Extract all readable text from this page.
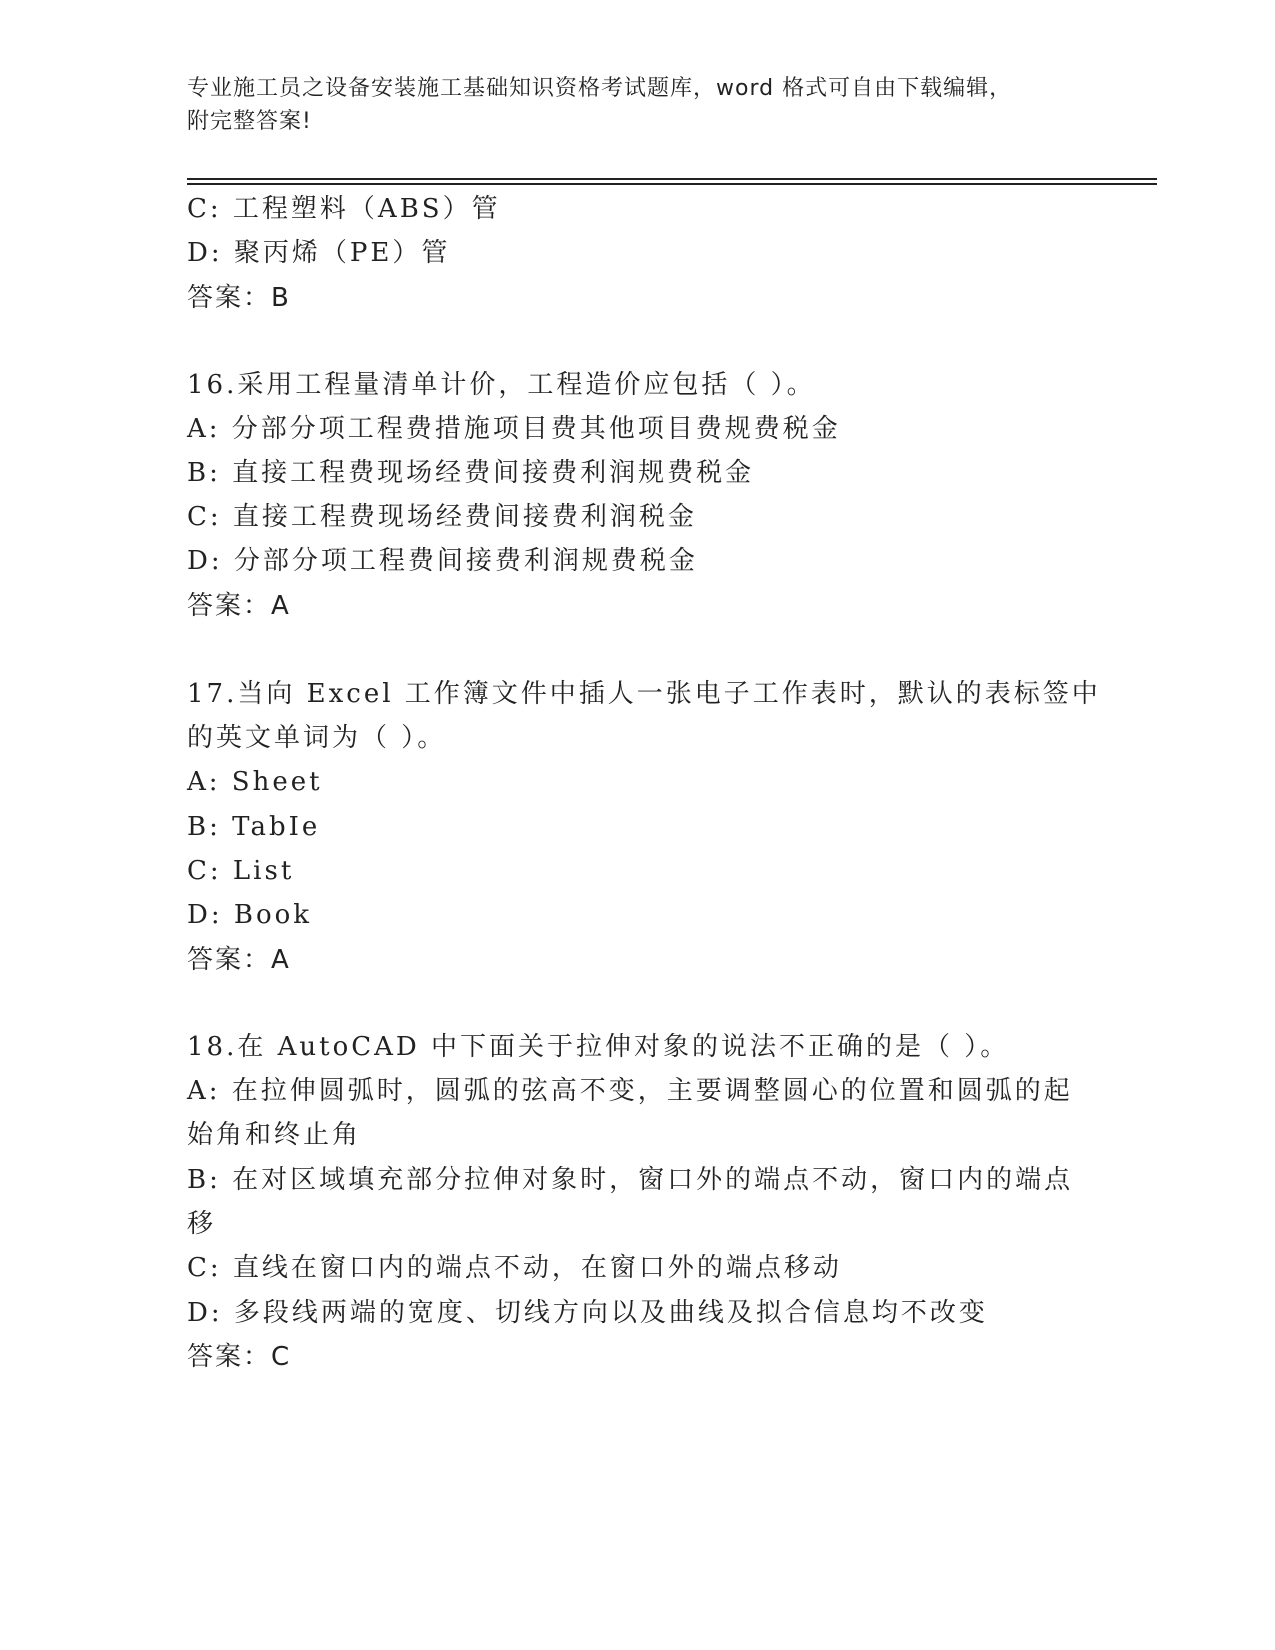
专业施工员之设备安装施工基础知识资格考试题库，word 格式可自由下载编辑，
附完整答案!
C: 工程塑料（ABS）管
D: 聚丙烯（PE）管
答案：B
16.采用工程量清单计价，工程造价应包括（ ）。
A: 分部分项工程费措施项目费其他项目费规费税金
B: 直接工程费现场经费间接费利润规费税金
C: 直接工程费现场经费间接费利润税金
D: 分部分项工程费间接费利润规费税金
答案：A
17.当向 Excel 工作簿文件中插人一张电子工作表时，默认的表标签中
的英文单词为（ ）。
A: Sheet
B: TabIe
C: List
D: Book
答案：A
18.在 AutoCAD 中下面关于拉伸对象的说法不正确的是（ ）。
A: 在拉伸圆弧时，圆弧的弦高不变，主要调整圆心的位置和圆弧的起
始角和终止角
B: 在对区域填充部分拉伸对象时，窗口外的端点不动，窗口内的端点
移
C: 直线在窗口内的端点不动，在窗口外的端点移动
D: 多段线两端的宽度、切线方向以及曲线及拟合信息均不改变
答案：C
